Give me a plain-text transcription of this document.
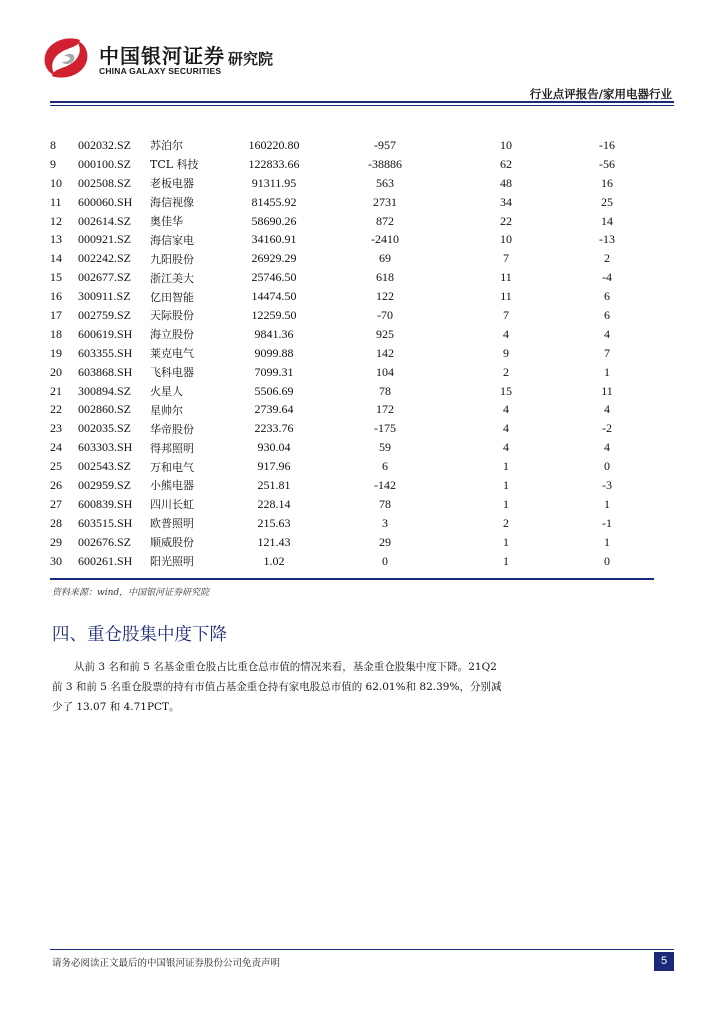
中国银河证券
CHINA GALAXY SECURITIES
研究院
行业点评报告/家用电器行业
8	002032.SZ	苏泊尔	160220.80	-957	10	-16
9	000100.SZ	TCL 科技	122833.66	-38886	62	-56
10	002508.SZ	老板电器	91311.95	563	48	16
11	600060.SH	海信视像	81455.92	2731	34	25
12	002614.SZ	奥佳华	58690.26	872	22	14
13	000921.SZ	海信家电	34160.91	-2410	10	-13
14	002242.SZ	九阳股份	26929.29	69	7	2
15	002677.SZ	浙江美大	25746.50	618	11	-4
16	300911.SZ	亿田智能	14474.50	122	11	6
17	002759.SZ	天际股份	12259.50	-70	7	6
18	600619.SH	海立股份	9841.36	925	4	4
19	603355.SH	莱克电气	9099.88	142	9	7
20	603868.SH	飞科电器	7099.31	104	2	1
21	300894.SZ	火星人	5506.69	78	15	11
22	002860.SZ	星帅尔	2739.64	172	4	4
23	002035.SZ	华帝股份	2233.76	-175	4	-2
24	603303.SH	得邦照明	930.04	59	4	4
25	002543.SZ	万和电气	917.96	6	1	0
26	002959.SZ	小熊电器	251.81	-142	1	-3
27	600839.SH	四川长虹	228.14	78	1	1
28	603515.SH	欧普照明	215.63	3	2	-1
29	002676.SZ	顺威股份	121.43	29	1	1
30	600261.SH	阳光照明	1.02	0	1	0
资料来源：wind，中国银河证券研究院
四、重仓股集中度下降

从前 3 名和前 5 名基金重仓股占比重仓总市值的情况来看，基金重仓股集中度下降。21Q2

前 3 和前 5 名重仓股票的持有市值占基金重仓持有家电股总市值的 62.01%和 82.39%，分别减

少了 13.07 和 4.71PCT。

请务必阅读正文最后的中国银河证券股份公司免责声明	5
